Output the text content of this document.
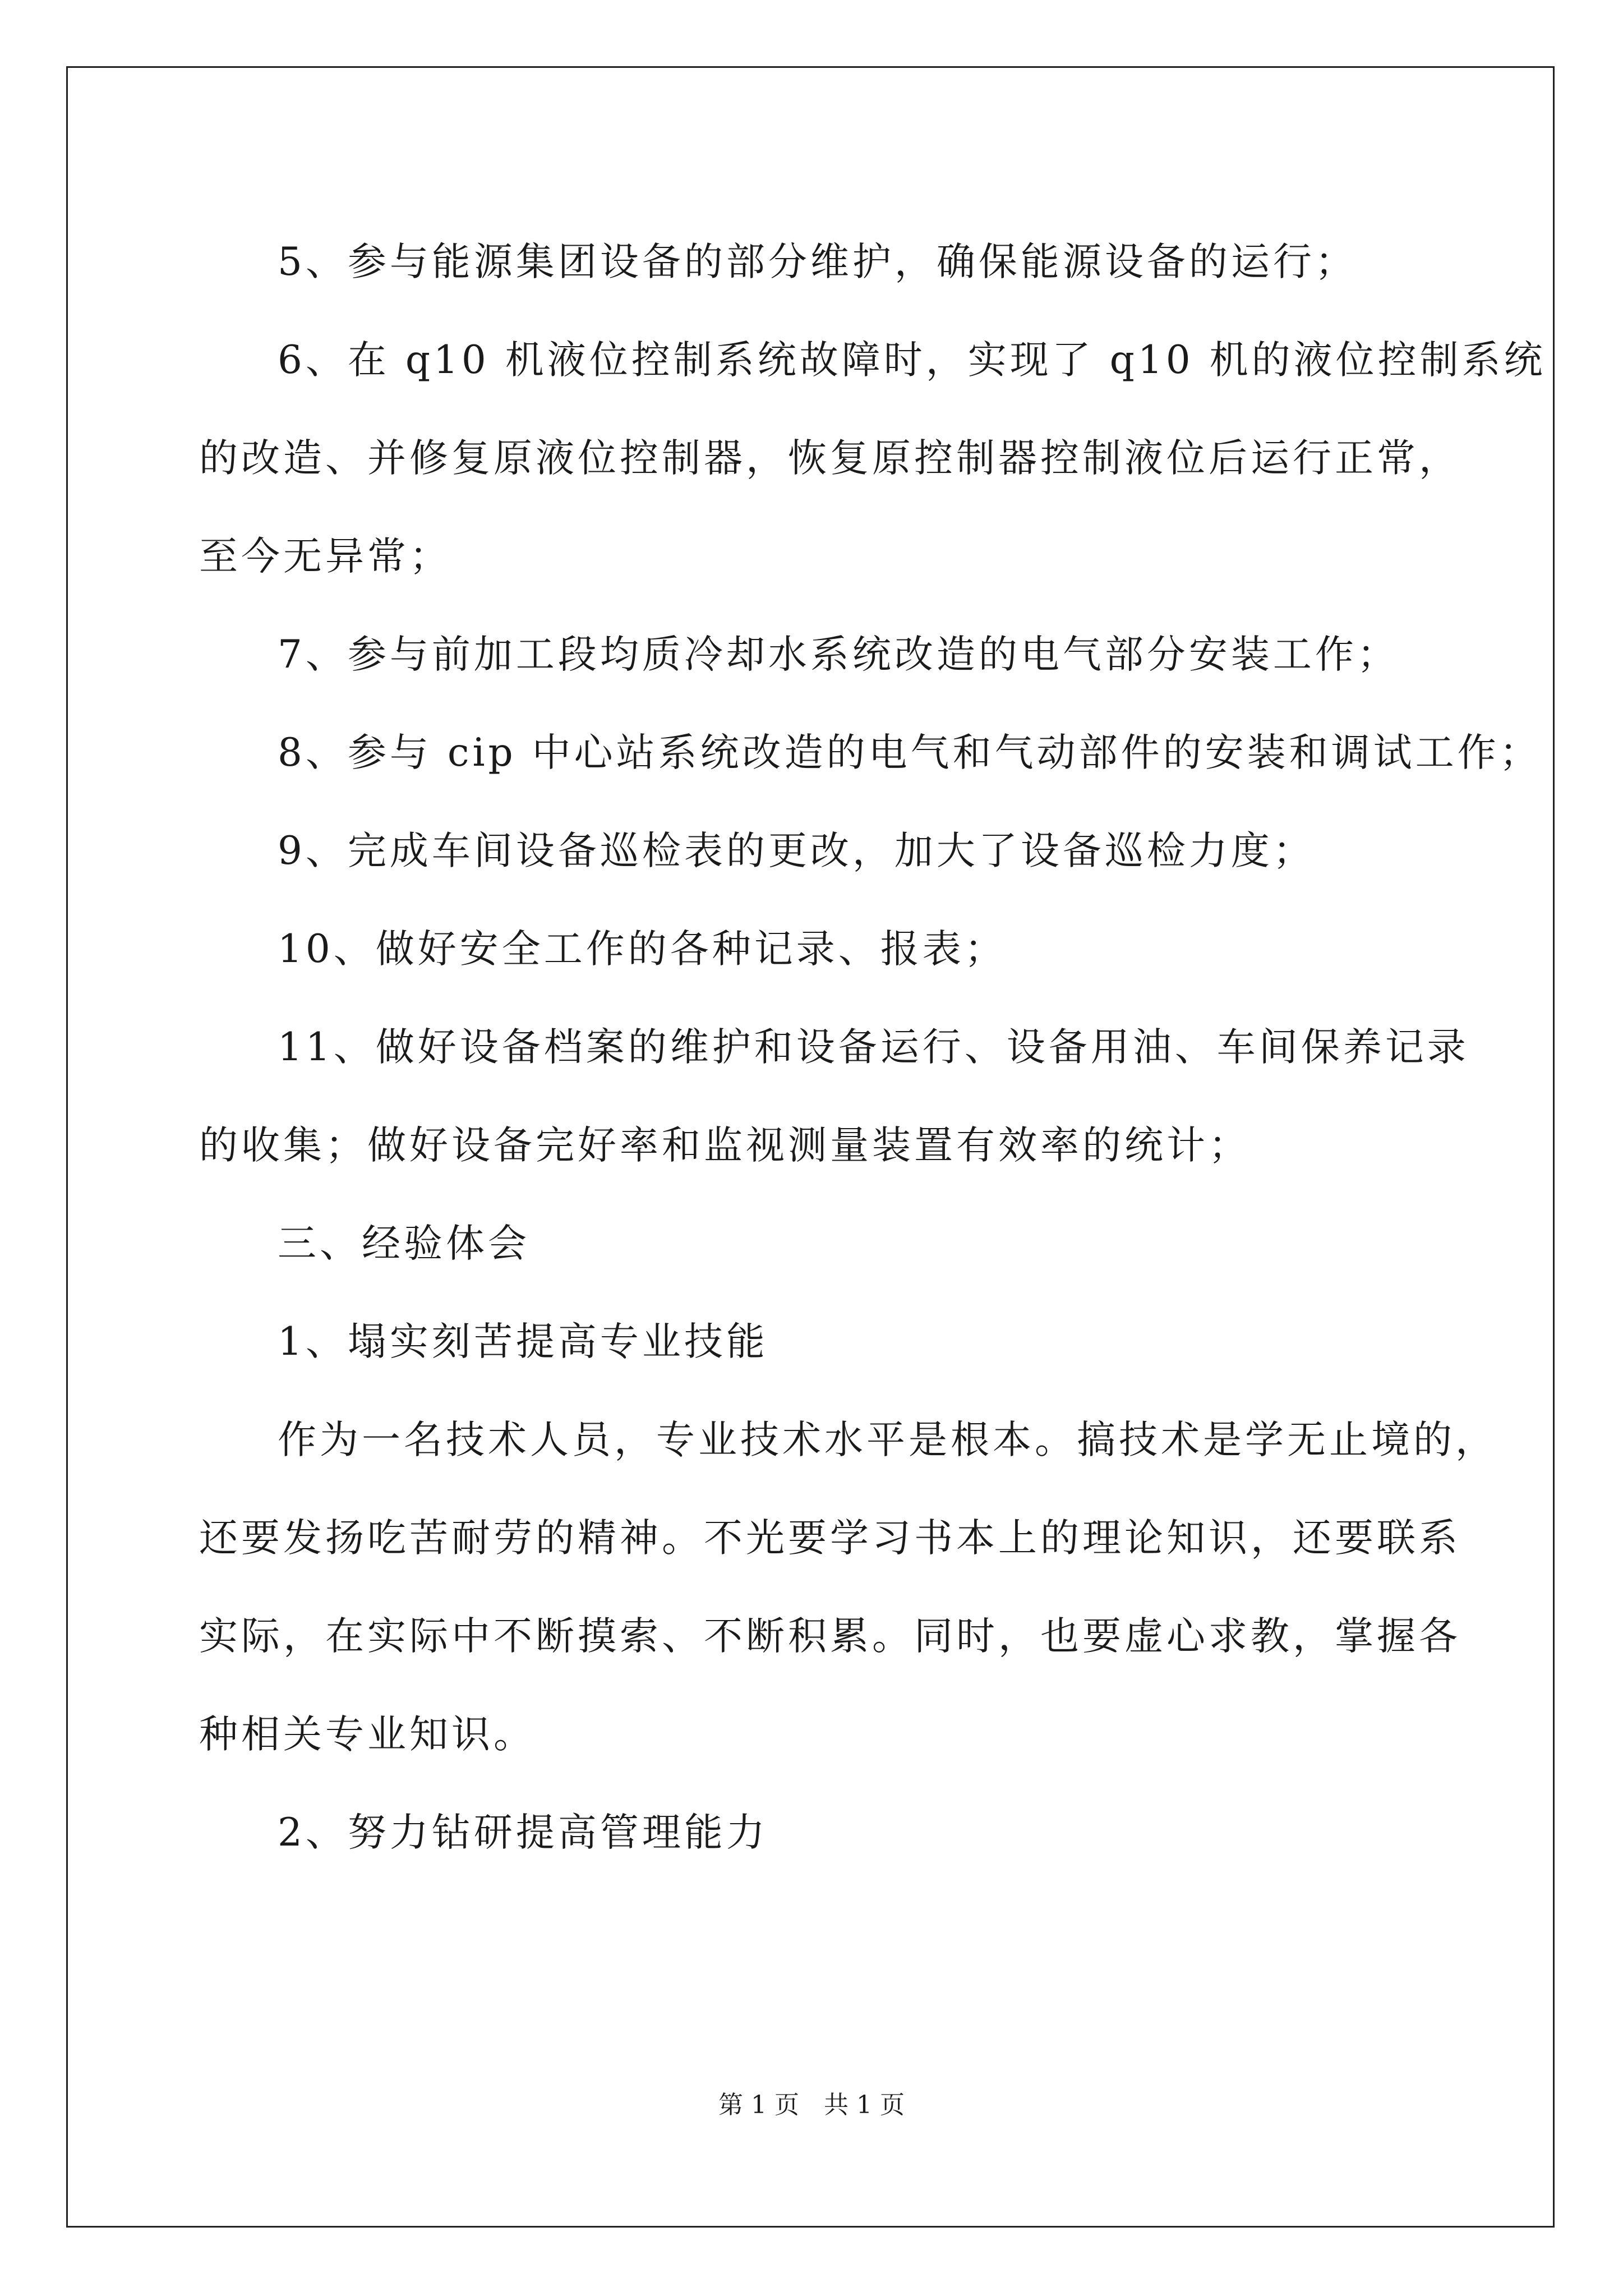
5、参与能源集团设备的部分维护，确保能源设备的运行；

6、在 q10 机液位控制系统故障时，实现了 q10 机的液位控制系统

的改造、并修复原液位控制器，恢复原控制器控制液位后运行正常，

至今无异常；

7、参与前加工段均质冷却水系统改造的电气部分安装工作；

8、参与 cip 中心站系统改造的电气和气动部件的安装和调试工作；

9、完成车间设备巡检表的更改，加大了设备巡检力度；

10、做好安全工作的各种记录、报表；

11、做好设备档案的维护和设备运行、设备用油、车间保养记录

的收集；做好设备完好率和监视测量装置有效率的统计；

三、经验体会

1、塌实刻苦提高专业技能

作为一名技术人员，专业技术水平是根本。搞技术是学无止境的，

还要发扬吃苦耐劳的精神。不光要学习书本上的理论知识，还要联系

实际，在实际中不断摸索、不断积累。同时，也要虚心求教，掌握各

种相关专业知识。

2、努力钻研提高管理能力

第 1 页　共 1 页
